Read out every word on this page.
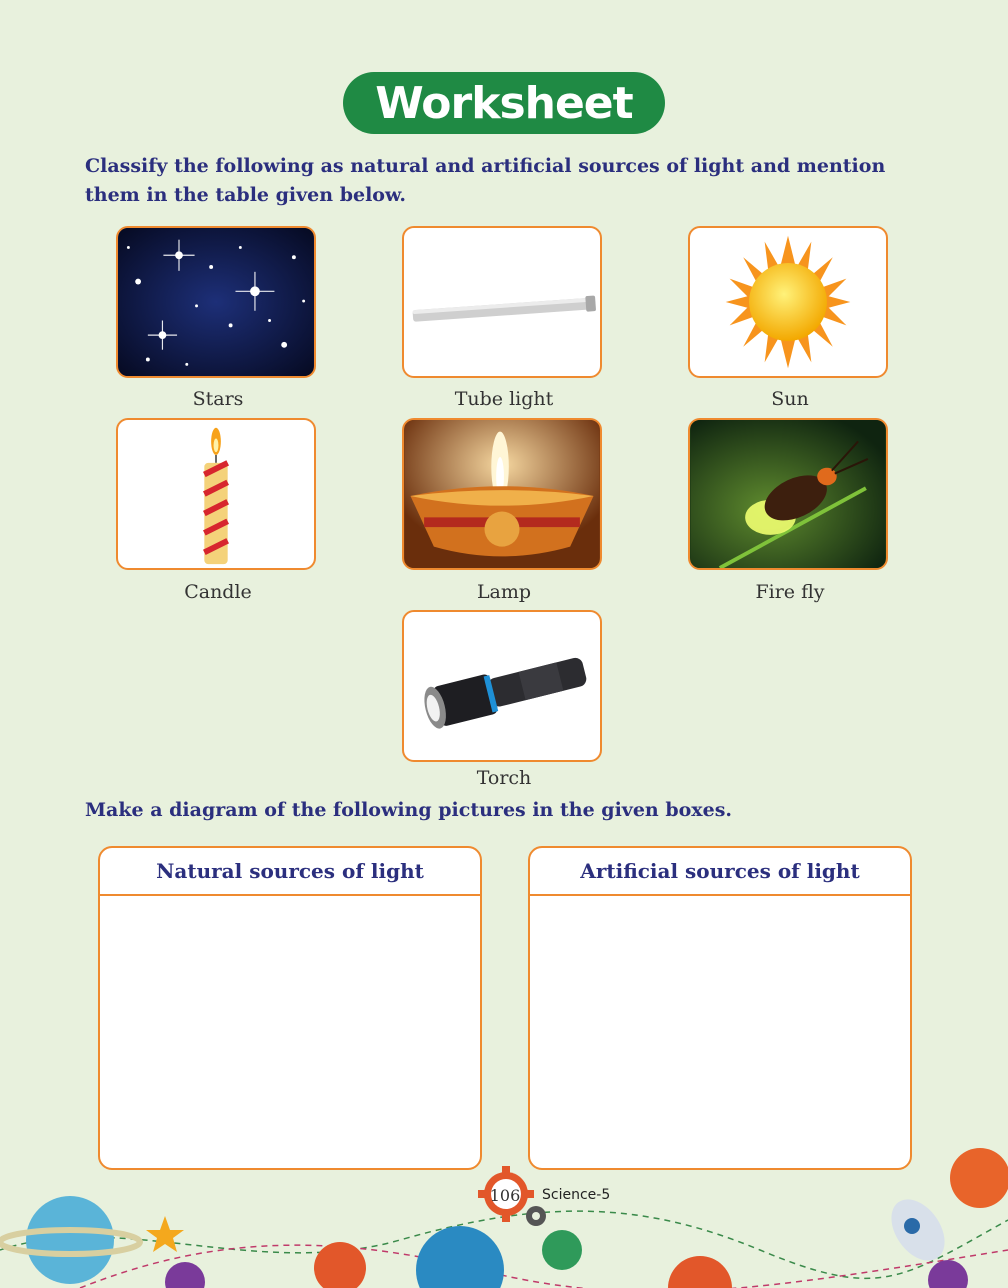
Worksheet
Classify the following as natural and artificial sources of light and mention them in the table given below.
Stars	Tube light	Sun
Candle	Lamp	Fire fly
Torch
Make a diagram of the following pictures in the given boxes.
Natural sources of light	Artificial sources of light
106 Science-5
